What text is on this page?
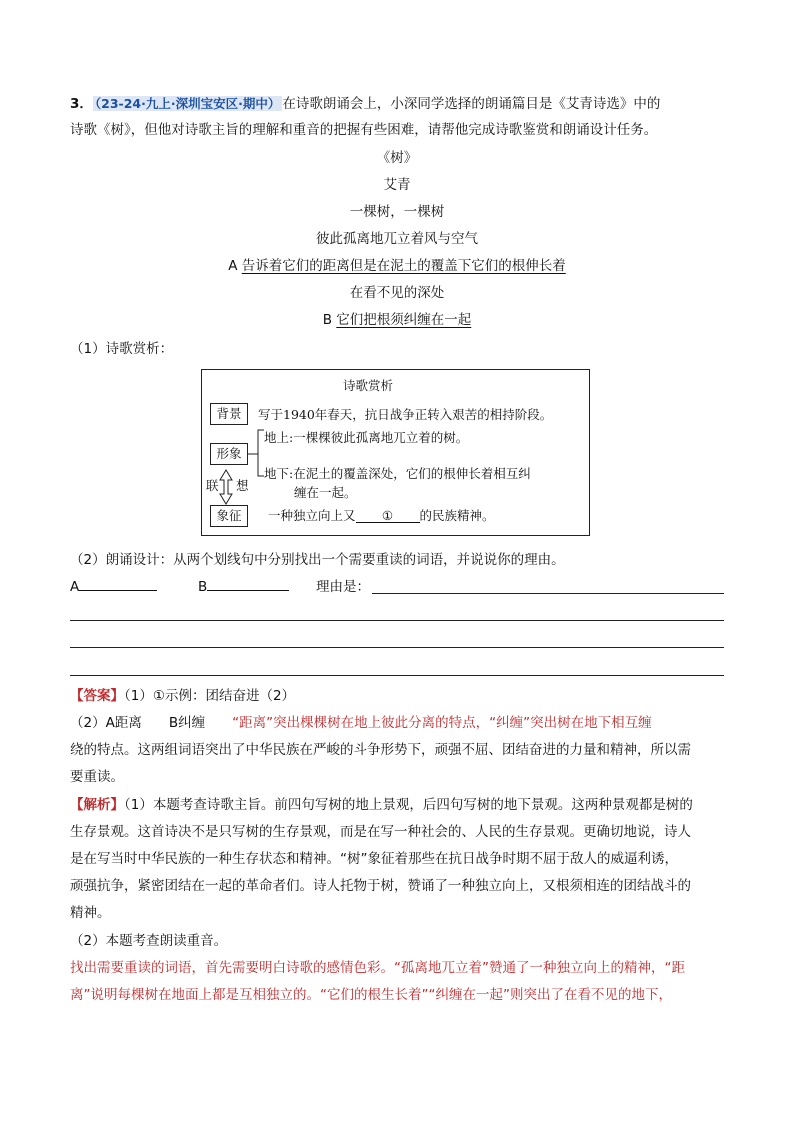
3． （23-24·九上·深圳宝安区·期中） 在诗歌朗诵会上，小深同学选择的朗诵篇目是《艾青诗选》中的
诗歌《树》，但他对诗歌主旨的理解和重音的把握有些困难，请帮他完成诗歌鉴赏和朗诵设计任务。
《树》
艾青
一棵树，一棵树
彼此孤离地兀立着风与空气
A 告诉着它们的距离但是在泥土的覆盖下它们的根伸长着
在看不见的深处
B 它们把根须纠缠在一起
（1）诗歌赏析：
诗歌赏析
背景	写于1940年春天，抗日战争正转入艰苦的相持阶段。
形象
地上:一棵棵彼此孤离地兀立着的树。
地下:在泥土的覆盖深处，它们的根伸长着相互纠
缠在一起。
联 想
象征	一种独立向上又 ① 的民族精神。
（2）朗诵设计：从两个划线句中分别找出一个需要重读的词语，并说说你的理由。
A	B	理由是：
【答案】（1）①示例：团结奋进（2）
（2）A距离　　B纠缠　　 “距离”突出棵棵树在地上彼此分离的特点，“纠缠”突出树在地下相互缠
绕的特点。这两组词语突出了中华民族在严峻的斗争形势下，顽强不屈、团结奋进的力量和精神，所以需
要重读。
【解析】（1）本题考查诗歌主旨。前四句写树的地上景观，后四句写树的地下景观。这两种景观都是树的
生存景观。这首诗决不是只写树的生存景观，而是在写一种社会的、人民的生存景观。更确切地说，诗人
是在写当时中华民族的一种生存状态和精神。“树”象征着那些在抗日战争时期不屈于敌人的威逼利诱，
顽强抗争，紧密团结在一起的革命者们。诗人托物于树，赞诵了一种独立向上，又根须相连的团结战斗的
精神。
（2）本题考查朗读重音。
找出需要重读的词语，首先需要明白诗歌的感情色彩。“孤离地兀立着”赞通了一种独立向上的精神，“距
离”说明每棵树在地面上都是互相独立的。“它们的根生长着”“纠缠在一起”则突出了在看不见的地下，
